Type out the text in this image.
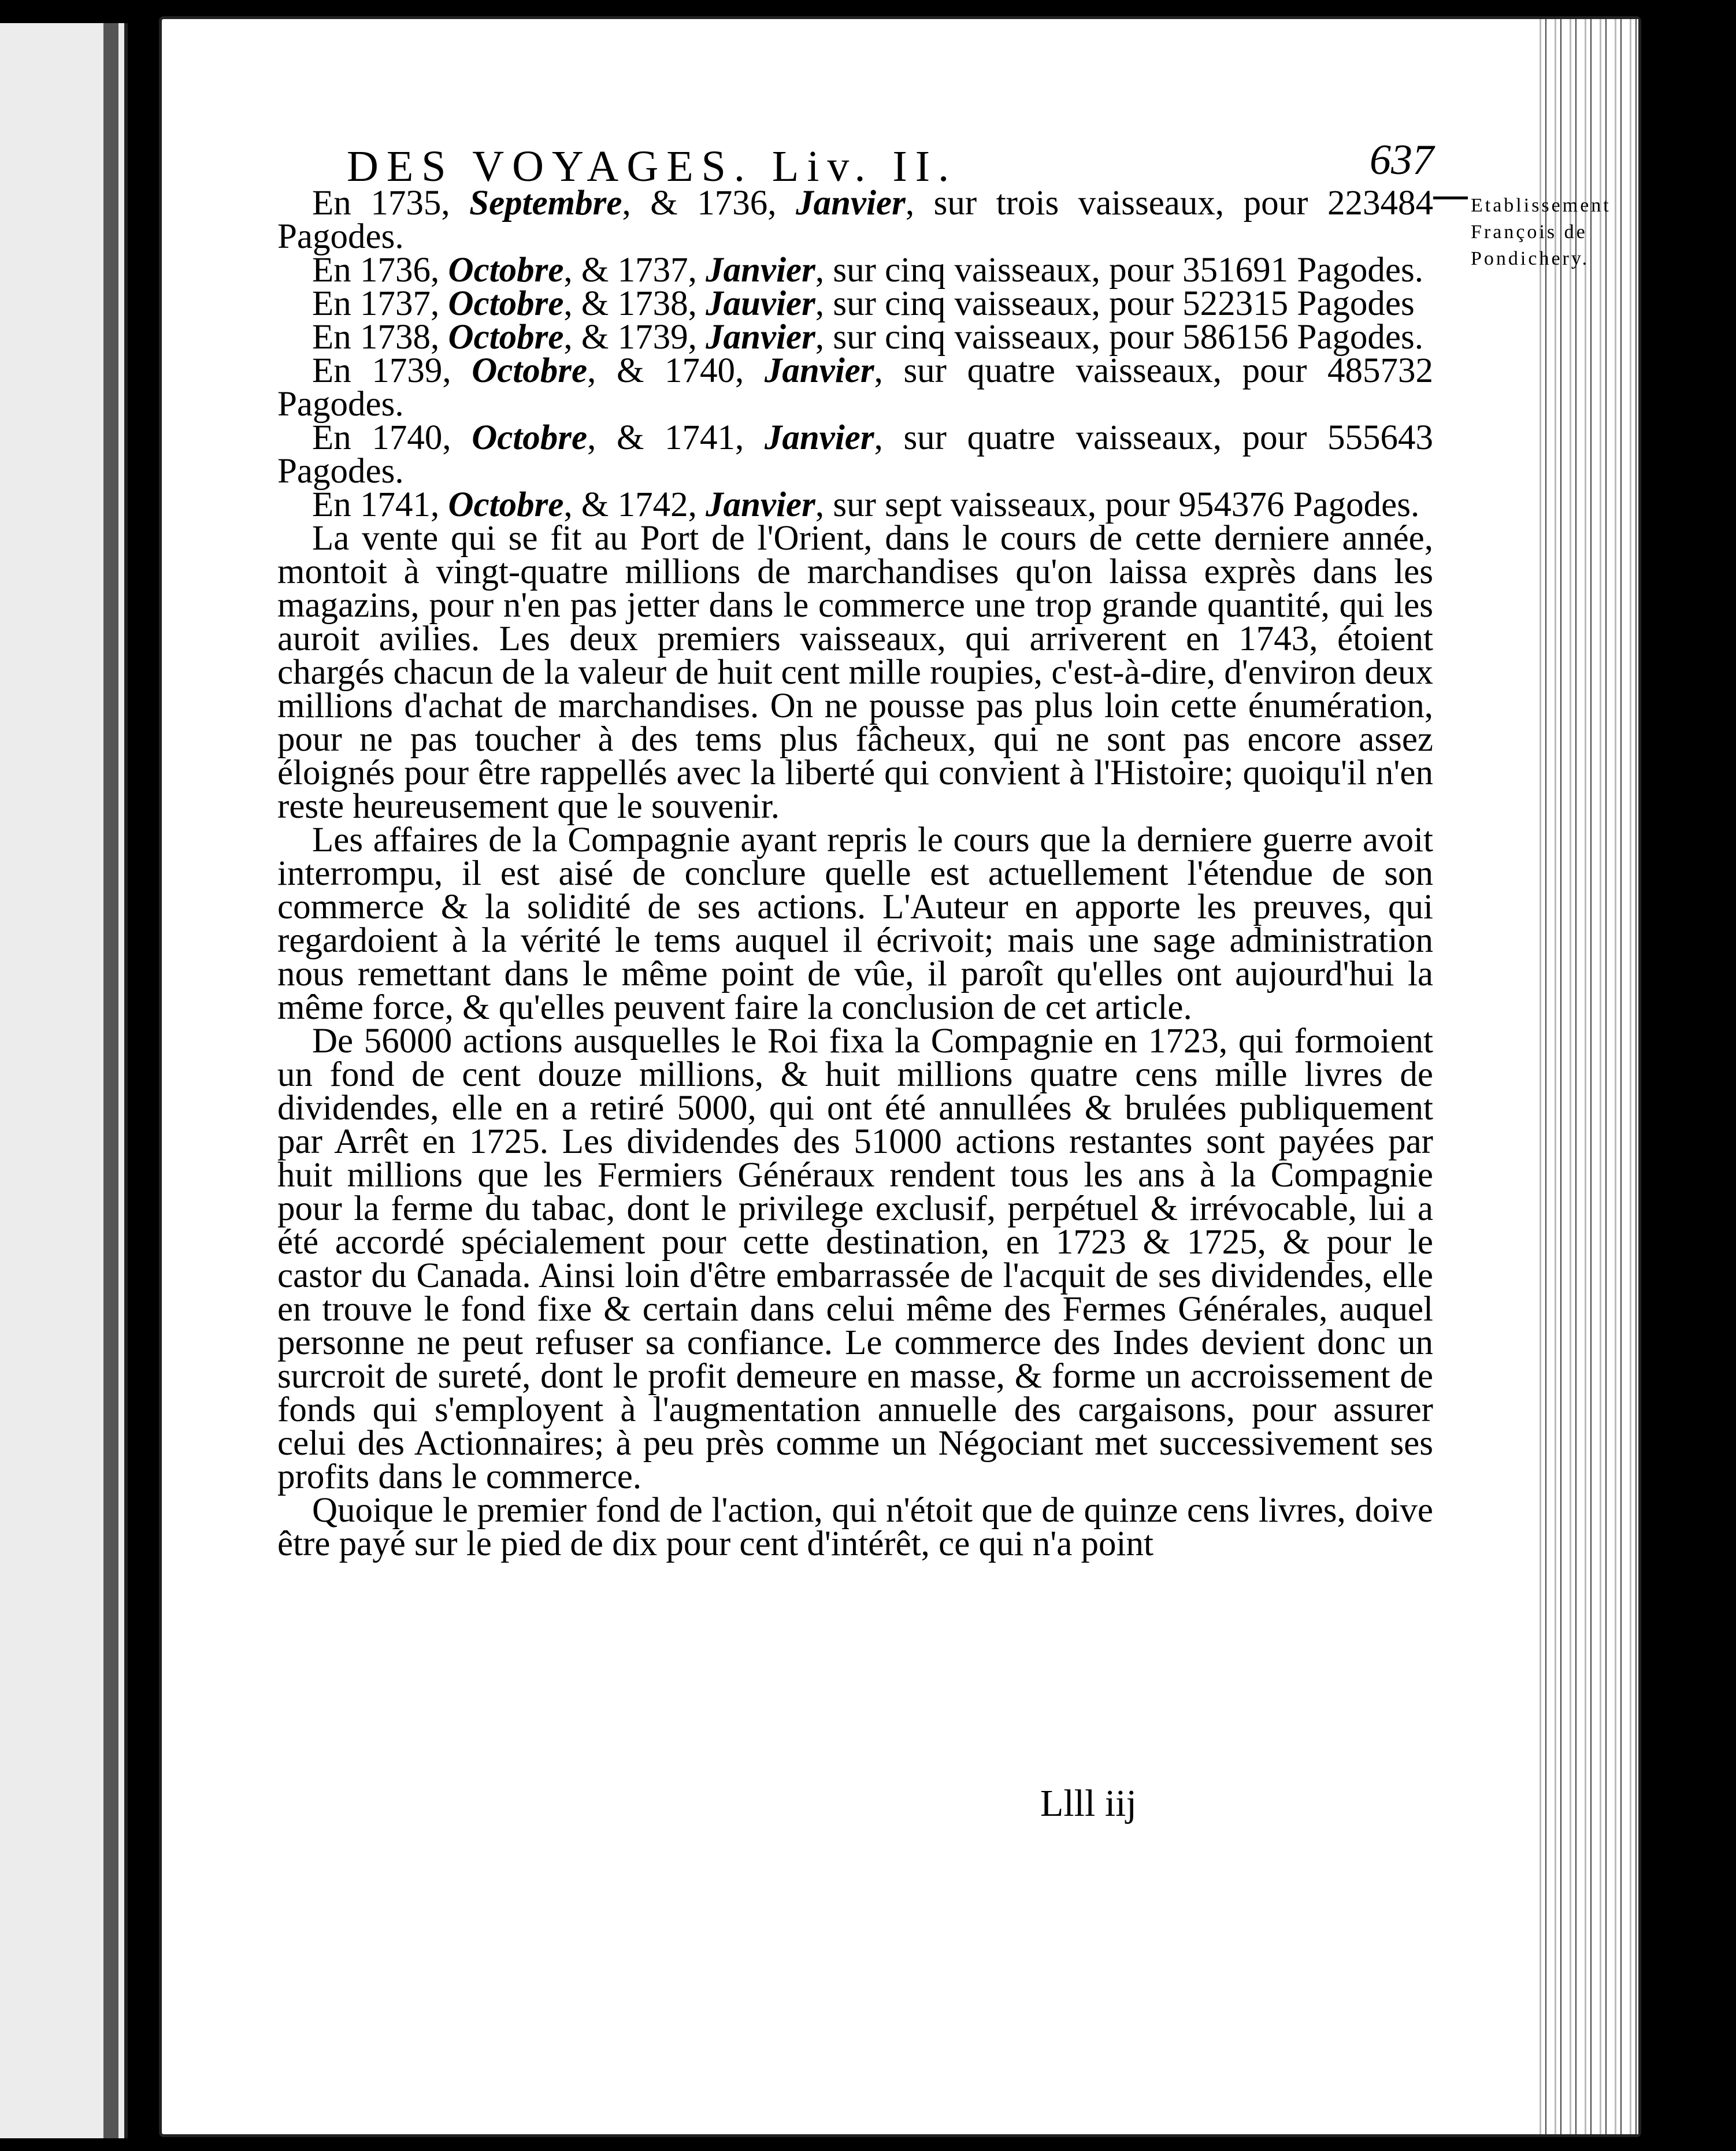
DES VOYAGES. Liv. II.	637
Etablissement François de Pondichery.

En 1735, Septembre, & 1736, Janvier, sur trois vaisseaux, pour 223484 Pagodes.

En 1736, Octobre, & 1737, Janvier, sur cinq vaisseaux, pour 351691 Pagodes.

En 1737, Octobre, & 1738, Jauvier, sur cinq vaisseaux, pour 522315 Pagodes

En 1738, Octobre, & 1739, Janvier, sur cinq vaisseaux, pour 586156 Pagodes.

En 1739, Octobre, & 1740, Janvier, sur quatre vaisseaux, pour 485732 Pagodes.

En 1740, Octobre, & 1741, Janvier, sur quatre vaisseaux, pour 555643 Pagodes.

En 1741, Octobre, & 1742, Janvier, sur sept vaisseaux, pour 954376 Pagodes.

La vente qui se fit au Port de l'Orient, dans le cours de cette derniere année, montoit à vingt-quatre millions de marchandises qu'on laissa exprès dans les magazins, pour n'en pas jetter dans le commerce une trop grande quantité, qui les auroit avilies. Les deux premiers vaisseaux, qui arriverent en 1743, étoient chargés chacun de la valeur de huit cent mille roupies, c'est-à-dire, d'environ deux millions d'achat de marchandises. On ne pousse pas plus loin cette énumération, pour ne pas toucher à des tems plus fâcheux, qui ne sont pas encore assez éloignés pour être rappellés avec la liberté qui convient à l'Histoire; quoiqu'il n'en reste heureusement que le souvenir.

Les affaires de la Compagnie ayant repris le cours que la derniere guerre avoit interrompu, il est aisé de conclure quelle est actuellement l'étendue de son commerce & la solidité de ses actions. L'Auteur en apporte les preuves, qui regardoient à la vérité le tems auquel il écrivoit; mais une sage administration nous remettant dans le même point de vûe, il paroît qu'elles ont aujourd'hui la même force, & qu'elles peuvent faire la conclusion de cet article.

De 56000 actions ausquelles le Roi fixa la Compagnie en 1723, qui formoient un fond de cent douze millions, & huit millions quatre cens mille livres de dividendes, elle en a retiré 5000, qui ont été annullées & brulées publiquement par Arrêt en 1725. Les dividendes des 51000 actions restantes sont payées par huit millions que les Fermiers Généraux rendent tous les ans à la Compagnie pour la ferme du tabac, dont le privilege exclusif, perpétuel & irrévocable, lui a été accordé spécialement pour cette destination, en 1723 & 1725, & pour le castor du Canada. Ainsi loin d'être embarrassée de l'acquit de ses dividendes, elle en trouve le fond fixe & certain dans celui même des Fermes Générales, auquel personne ne peut refuser sa confiance. Le commerce des Indes devient donc un surcroit de sureté, dont le profit demeure en masse, & forme un accroissement de fonds qui s'employent à l'augmentation annuelle des cargaisons, pour assurer celui des Actionnaires; à peu près comme un Négociant met successivement ses profits dans le commerce.

Quoique le premier fond de l'action, qui n'étoit que de quinze cens livres, doive être payé sur le pied de dix pour cent d'intérêt, ce qui n'a point

Llll iij
